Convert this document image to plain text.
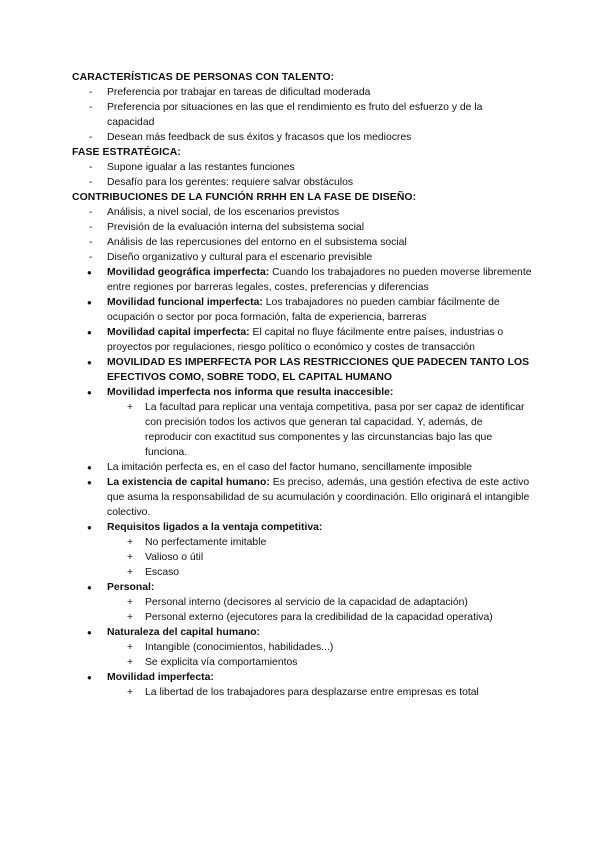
CARACTERÍSTICAS DE PERSONAS CON TALENTO:
- Preferencia por trabajar en tareas de dificultad moderada
- Preferencia por situaciones en las que el rendimiento es fruto del esfuerzo y de la capacidad
- Desean más feedback de sus éxitos y fracasos que los mediocres
FASE ESTRATÉGICA:
- Supone igualar a las restantes funciones
- Desafío para los gerentes: requiere salvar obstáculos
CONTRIBUCIONES DE LA FUNCIÓN RRHH EN LA FASE DE DISEÑO:
- Análisis, a nivel social, de los escenarios previstos
- Previsión de la evaluación interna del subsistema social
- Análisis de las repercusiones del entorno en el subsistema social
- Diseño organizativo y cultural para el escenario previsible
● Movilidad geográfica imperfecta: Cuando los trabajadores no pueden moverse libremente entre regiones por barreras legales, costes, preferencias y diferencias
● Movilidad funcional imperfecta: Los trabajadores no pueden cambiar fácilmente de ocupación o sector por poca formación, falta de experiencia, barreras
● Movilidad capital imperfecta: El capital no fluye fácilmente entre países, industrias o proyectos por regulaciones, riesgo político o económico y costes de transacción
● MOVILIDAD ES IMPERFECTA POR LAS RESTRICCIONES QUE PADECEN TANTO LOS EFECTIVOS COMO, SOBRE TODO, EL CAPITAL HUMANO
● Movilidad imperfecta nos informa que resulta inaccesible:
+ La facultad para replicar una ventaja competitiva, pasa por ser capaz de identificar con precisión todos los activos que generan tal capacidad. Y, además, de reproducir con exactitud sus componentes y las circunstancias bajo las que funciona.
● La imitación perfecta es, en el caso del factor humano, sencillamente imposible
● La existencia de capital humano: Es preciso, además, una gestión efectiva de este activo que asuma la responsabilidad de su acumulación y coordinación. Ello originará el intangible colectivo.
● Requisitos ligados a la ventaja competitiva:
+ No perfectamente imitable
+ Valioso o útil
+ Escaso
● Personal:
+ Personal interno (decisores al servicio de la capacidad de adaptación)
+ Personal externo (ejecutores para la credibilidad de la capacidad operativa)
● Naturaleza del capital humano:
+ Intangible (conocimientos, habilidades...)
+ Se explicita vía comportamientos
● Movilidad imperfecta:
+ La libertad de los trabajadores para desplazarse entre empresas es total
